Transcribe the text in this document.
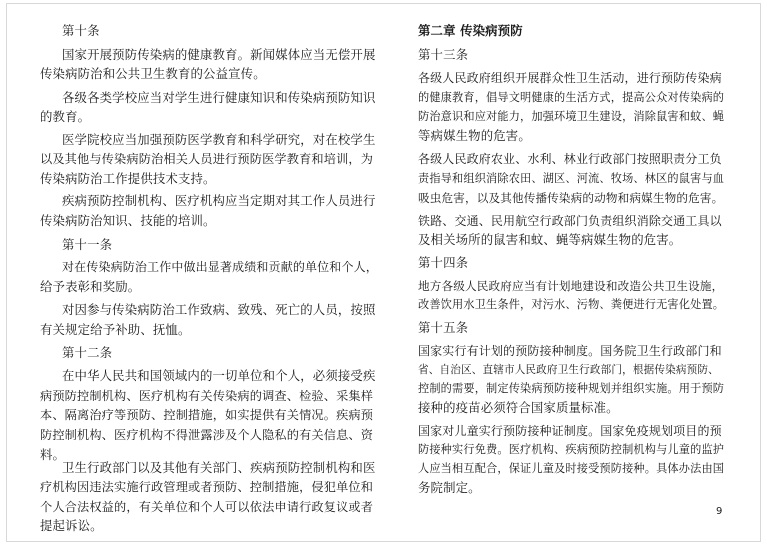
第十条
国家开展预防传染病的健康教育。新闻媒体应当无偿开展
传染病防治和公共卫生教育的公益宣传。
各级各类学校应当对学生进行健康知识和传染病预防知识
的教育。
医学院校应当加强预防医学教育和科学研究，对在校学生
以及其他与传染病防治相关人员进行预防医学教育和培训，为
传染病防治工作提供技术支持。
疾病预防控制机构、医疗机构应当定期对其工作人员进行
传染病防治知识、技能的培训。
第十一条
对在传染病防治工作中做出显著成绩和贡献的单位和个人，
给予表彰和奖励。
对因参与传染病防治工作致病、致残、死亡的人员，按照
有关规定给予补助、抚恤。
第十二条
在中华人民共和国领域内的一切单位和个人，必须接受疾
病预防控制机构、医疗机构有关传染病的调查、检验、采集样
本、隔离治疗等预防、控制措施，如实提供有关情况。疾病预
防控制机构、医疗机构不得泄露涉及个人隐私的有关信息、资
料。
卫生行政部门以及其他有关部门、疾病预防控制机构和医
疗机构因违法实施行政管理或者预防、控制措施，侵犯单位和
个人合法权益的，有关单位和个人可以依法申请行政复议或者
提起诉讼。
第二章 传染病预防
第十三条
各级人民政府组织开展群众性卫生活动，进行预防传染病
的健康教育，倡导文明健康的生活方式，提高公众对传染病的
防治意识和应对能力，加强环境卫生建设，消除鼠害和蚊、蝇
等病媒生物的危害。
各级人民政府农业、水利、林业行政部门按照职责分工负
责指导和组织消除农田、湖区、河流、牧场、林区的鼠害与血
吸虫危害，以及其他传播传染病的动物和病媒生物的危害。
铁路、交通、民用航空行政部门负责组织消除交通工具以
及相关场所的鼠害和蚊、蝇等病媒生物的危害。
第十四条
地方各级人民政府应当有计划地建设和改造公共卫生设施，
改善饮用水卫生条件，对污水、污物、粪便进行无害化处置。
第十五条
国家实行有计划的预防接种制度。国务院卫生行政部门和
省、自治区、直辖市人民政府卫生行政部门，根据传染病预防、
控制的需要，制定传染病预防接种规划并组织实施。用于预防
接种的疫苗必须符合国家质量标准。
国家对儿童实行预防接种证制度。国家免疫规划项目的预
防接种实行免费。医疗机构、疾病预防控制机构与儿童的监护
人应当相互配合，保证儿童及时接受预防接种。具体办法由国
务院制定。
9
